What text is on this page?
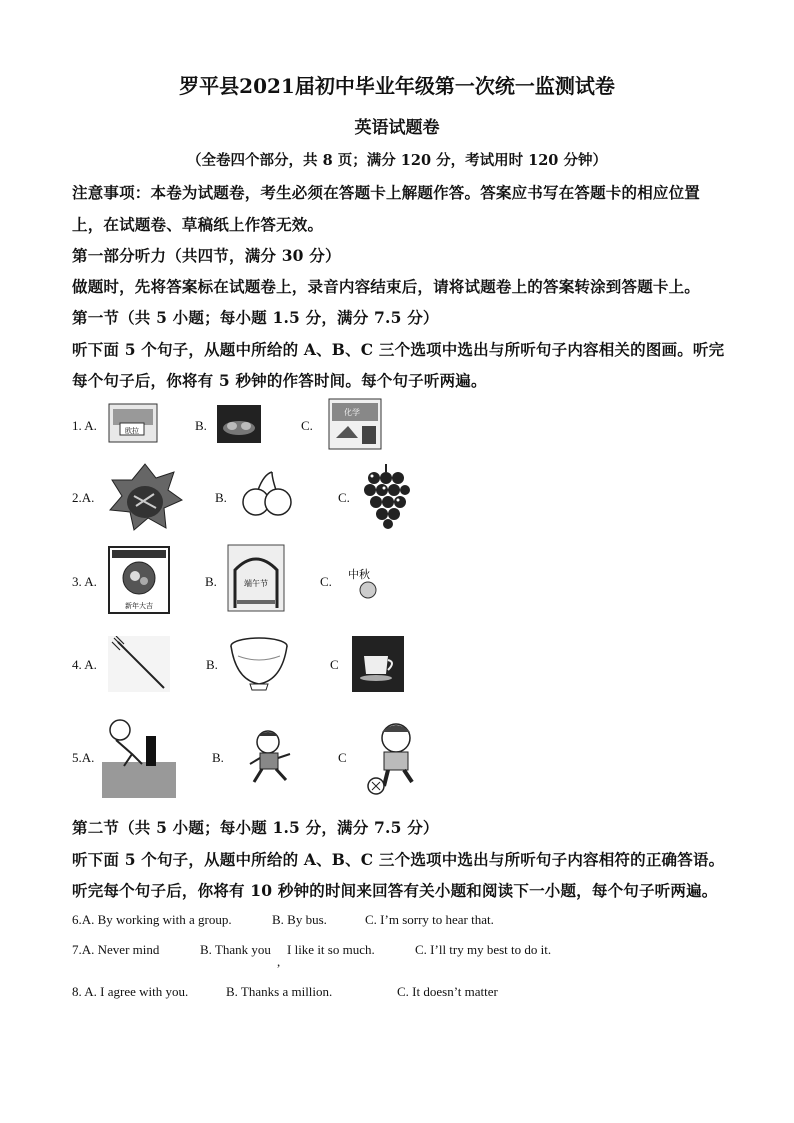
罗平县2021届初中毕业年级第一次统一监测试卷
英语试题卷
（全卷四个部分，共 8 页；满分 120 分，考试用时 120 分钟）
注意事项：本卷为试题卷，考生必须在答题卡上解题作答。答案应书写在答题卡的相应位置
上，在试题卷、草稿纸上作答无效。
第一部分听力（共四节，满分 30 分）
做题时，先将答案标在试题卷上，录音内容结束后，请将试题卷上的答案转涂到答题卡上。
第一节（共 5 小题；每小题 1.5 分，满分 7.5 分）
听下面 5 个句子，从题中所给的 A、B、C 三个选项中选出与所听句子内容相关的图画。听完
每个句子后，你将有 5 秒钟的作答时间。每个句子听两遍。
1. A.	欧拉	B.	C.
化学
2.A.	B.	C.
3. A.
新年大吉
B.	端午节	C. 中秋
4. A.	B.	C
5.A.	B.	C
第二节（共 5 小题；每小题 1.5 分，满分 7.5 分）
听下面 5 个句子，从题中所给的 A、B、C 三个选项中选出与所听句子内容相符的正确答语。
听完每个句子后，你将有 10 秒钟的时间来回答有关小题和阅读下一小题，每个句子听两遍。
6.A. By working with a group.	B. By bus.	C. I’m sorry to hear that.
7.A. Never mind	B. Thank you I like it so much.
,
C. I’ll try my best to do it.
8. A. I agree with you.	B. Thanks a million.	C. It doesn’t matter
